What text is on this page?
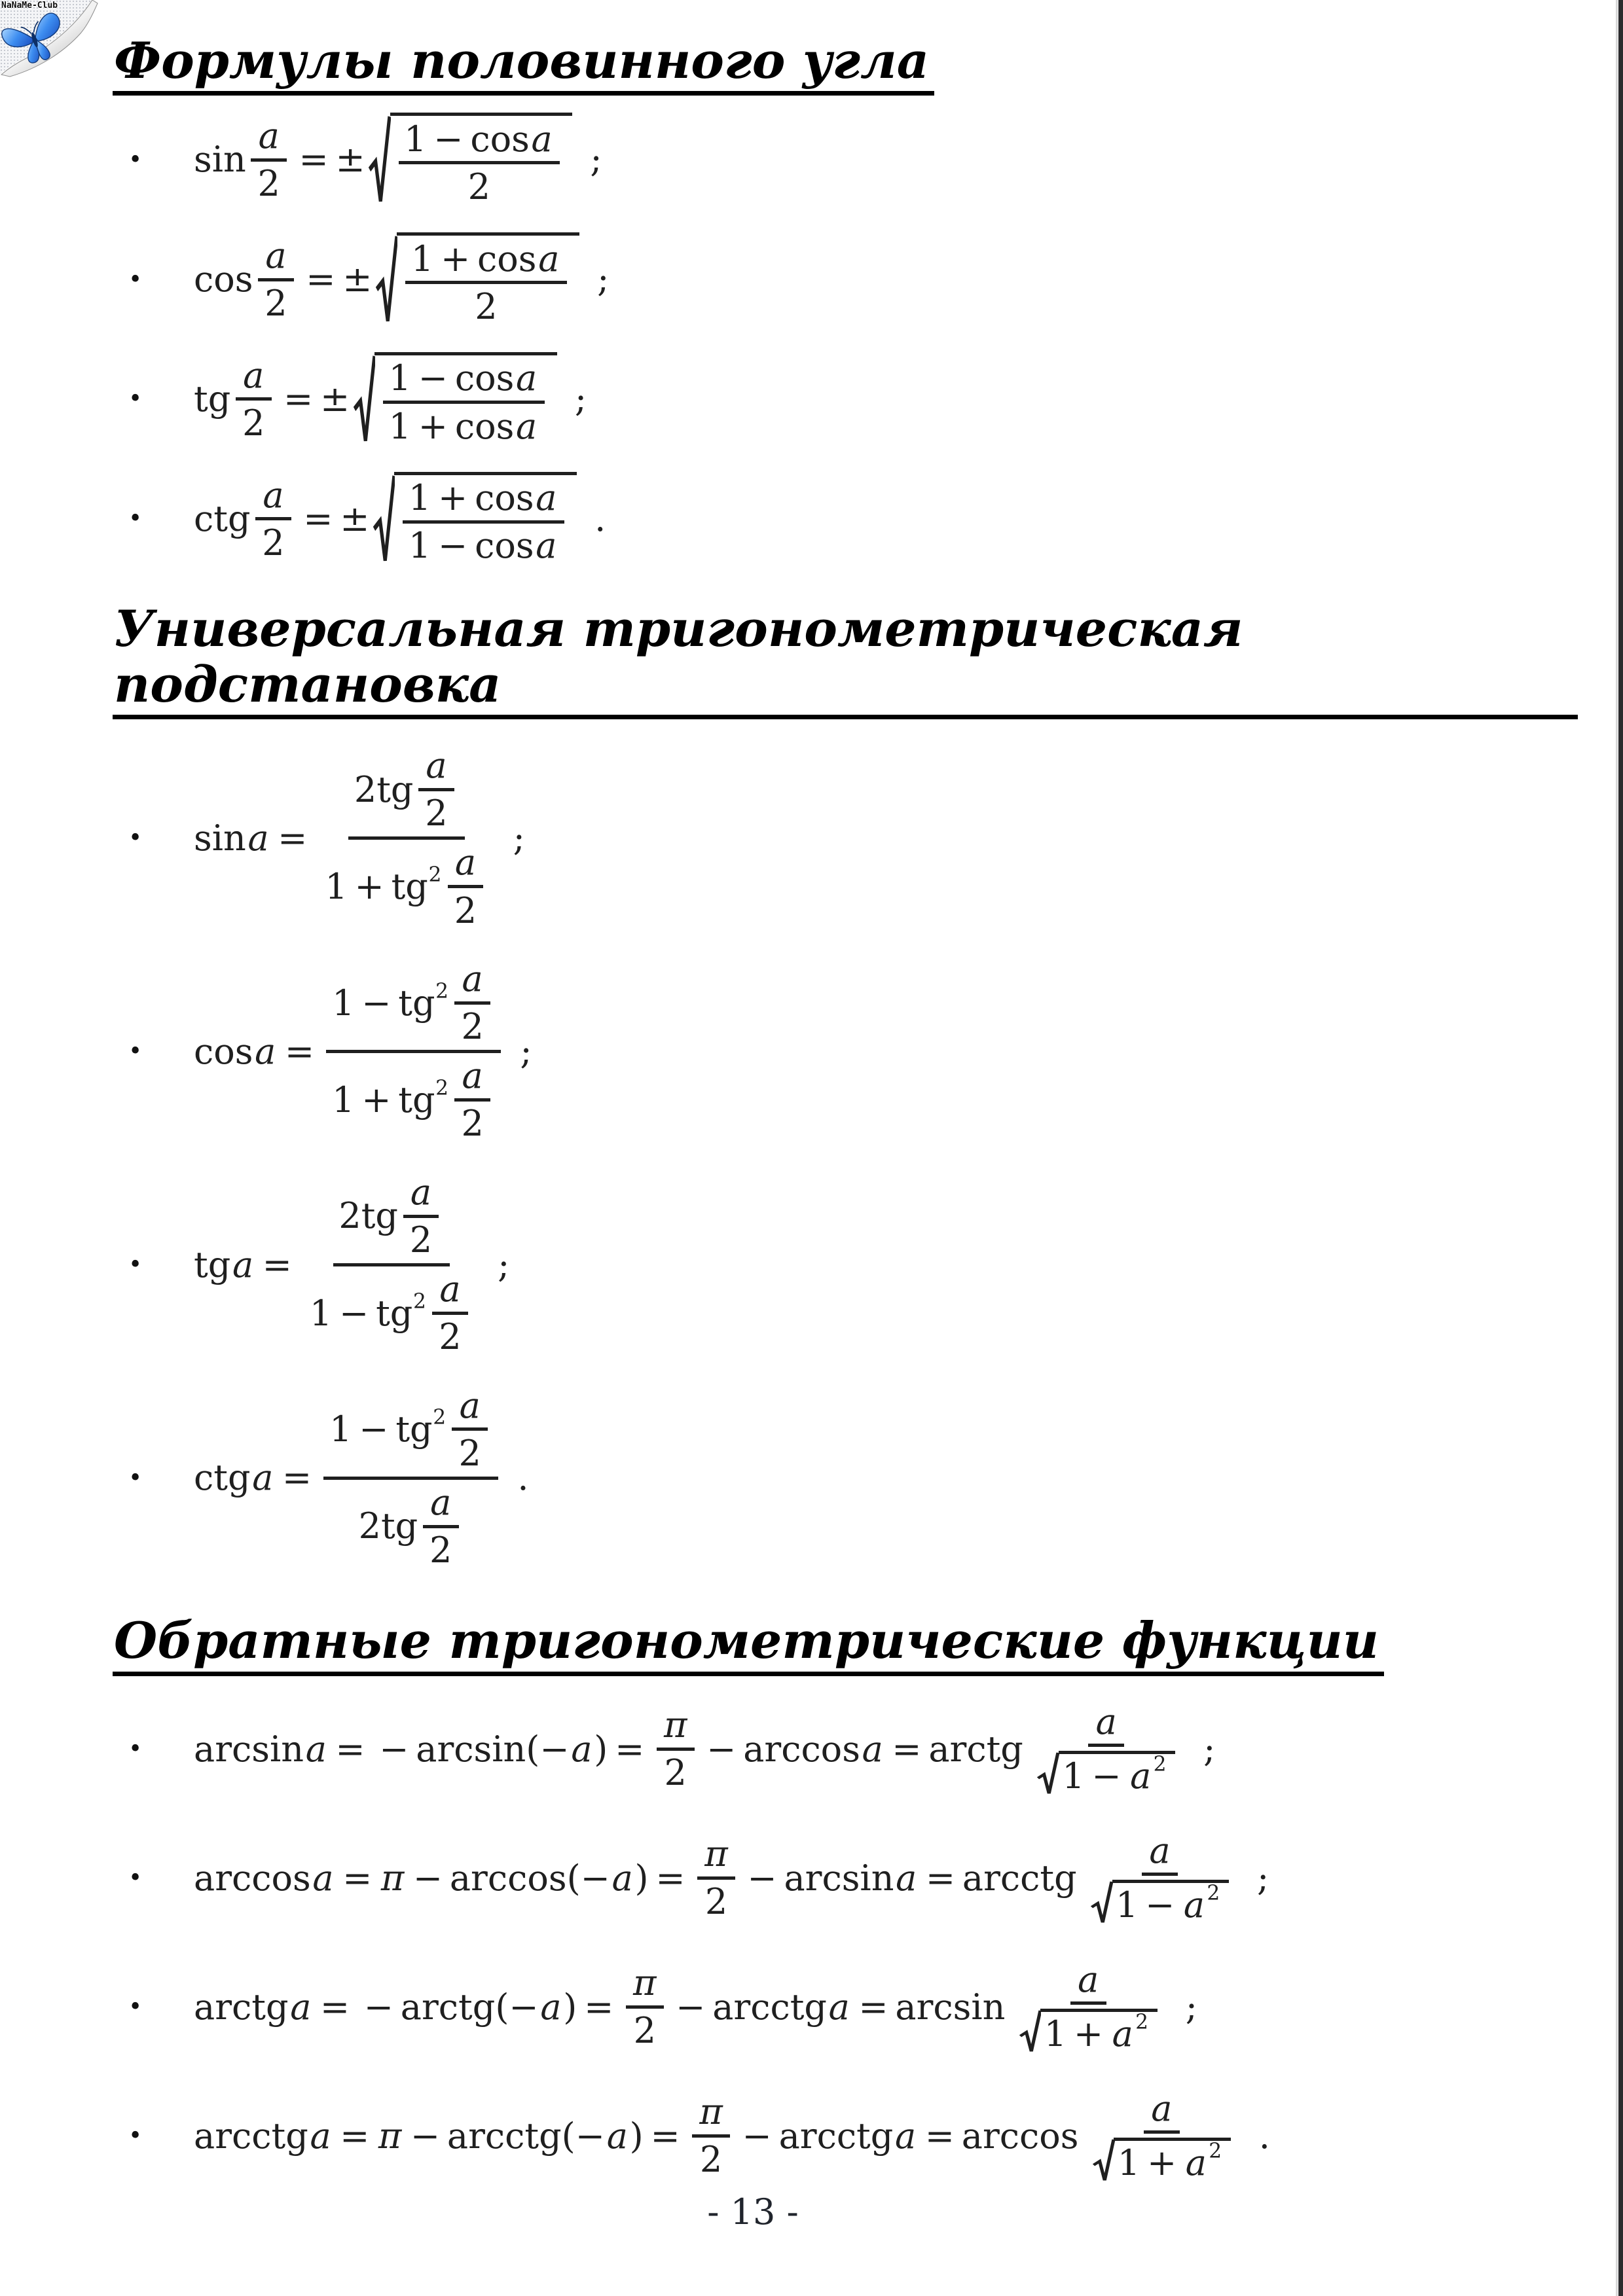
NaNaMe-Club
Формулы половинного угла
• $\sin \frac{a}{2}$ = ±
1 − cos a
2
;
• $\cos \frac{a}{2}$ = ±
1 + cos a
2
;
• tg $\frac{a}{2}$ = ±
1 − cos a
1 + cos a
;
• ctg $\frac{a}{2}$ = ±
1 + cos a
1 − cos a
.
Универсальная тригонометрическая подстановка
• sin a =
2 tg
a
2
1 + tg 2 a
2
;
• cos a = 1 − tg 2 a
2
1 + tg 2 a
2 ;
• tg a =
2 tg
a
2
1 − tg 2 a
2
;
• ctg a =
1 − tg 2 a
2
2 tg
a
2
.
Обратные тригонометрические функции
• arcsin a = − arcsin ( − a ) = $\frac{\pi}{2} - \arccos a$ = arctg
a
1 − a 2 ;
• arccos a = π − arccos ( − a ) = $\frac{\pi}{2} - \arcsin a$ = arcctg
a
1 − a 2 ;
• arctg a = − arctg ( − a ) = $\frac{\pi}{2}$ − arcctg a = arcsin
a
1 + a 2 ;
• arcctg a = π − arcctg ( − a ) = $\frac{\pi}{2}$ − arcctg a = arccos
a
1 + a 2 .
- 13 -
